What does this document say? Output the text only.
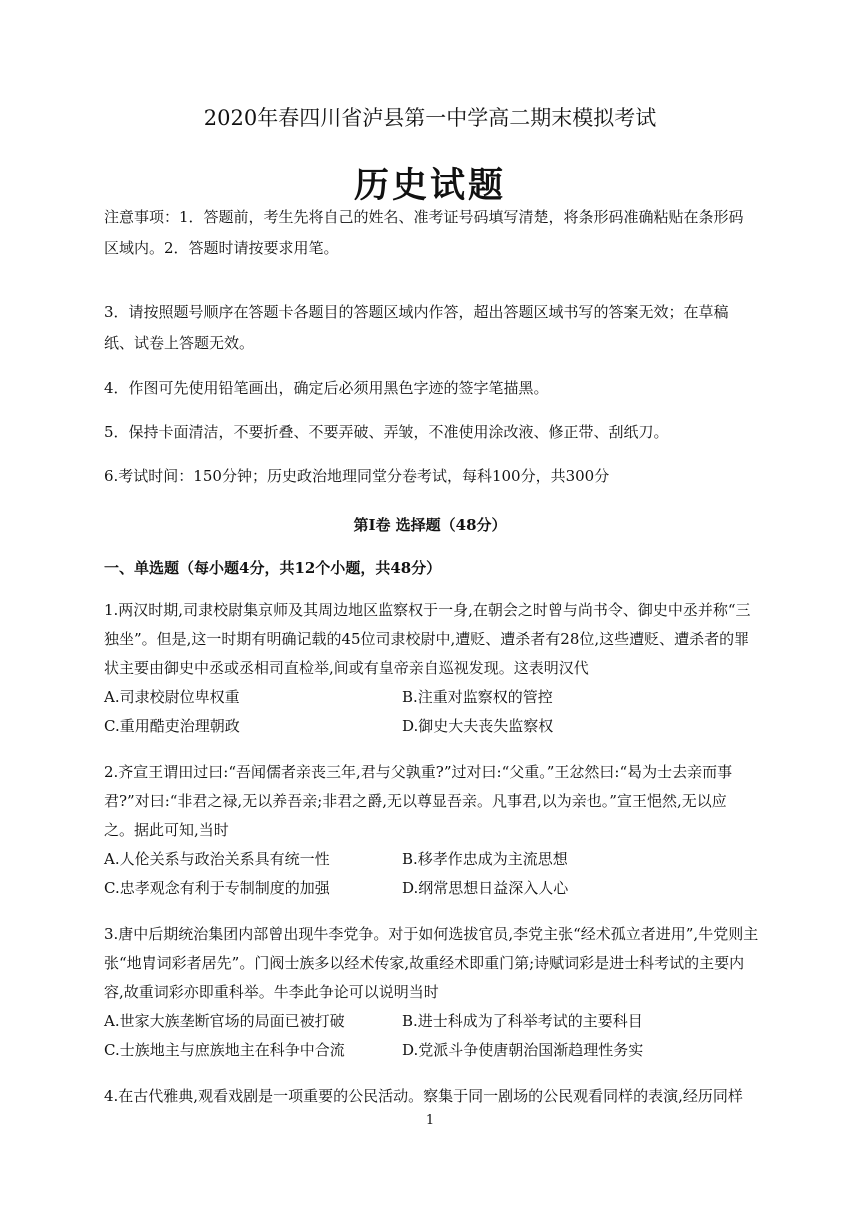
2020年春四川省泸县第一中学高二期末模拟考试
历史试题
注意事项：1．答题前，考生先将自己的姓名、准考证号码填写清楚，将条形码准确粘贴在条形码
区域内。2．答题时请按要求用笔。
3．请按照题号顺序在答题卡各题目的答题区域内作答，超出答题区域书写的答案无效；在草稿
纸、试卷上答题无效。
4．作图可先使用铅笔画出，确定后必须用黑色字迹的签字笔描黑。
5．保持卡面清洁，不要折叠、不要弄破、弄皱，不准使用涂改液、修正带、刮纸刀。
6.考试时间：150分钟；历史政治地理同堂分卷考试，每科100分，共300分
第Ⅰ卷 选择题（48分）
一、单选题（每小题4分，共12个小题，共48分）
1.两汉时期,司隶校尉集京师及其周边地区监察权于一身,在朝会之时曾与尚书令、御史中丞并称“三
独坐”。但是,这一时期有明确记载的45位司隶校尉中,遭贬、遭杀者有28位,这些遭贬、遭杀者的罪
状主要由御史中丞或丞相司直检举,间或有皇帝亲自巡视发现。这表明汉代
A.司隶校尉位卑权重	B.注重对监察权的管控
C.重用酷吏治理朝政	D.御史大夫丧失监察权
2.齐宣王谓田过曰:“吾闻儒者亲丧三年,君与父孰重?”过对曰:“父重。”王忿然曰:“曷为士去亲而事
君?”对曰:“非君之禄,无以养吾亲;非君之爵,无以尊显吾亲。凡事君,以为亲也。”宣王悒然,无以应
之。据此可知,当时
A.人伦关系与政治关系具有统一性	B.移孝作忠成为主流思想
C.忠孝观念有利于专制制度的加强	D.纲常思想日益深入人心
3.唐中后期统治集团内部曾出现牛李党争。对于如何选拔官员,李党主张“经术孤立者进用”,牛党则主
张“地胄词彩者居先”。门阀士族多以经术传家,故重经术即重门第;诗赋词彩是进士科考试的主要内
容,故重词彩亦即重科举。牛李此争论可以说明当时
A.世家大族垄断官场的局面已被打破	B.进士科成为了科举考试的主要科目
C.士族地主与庶族地主在科争中合流	D.党派斗争使唐朝治国渐趋理性务实
4.在古代雅典,观看戏剧是一项重要的公民活动。察集于同一剧场的公民观看同样的表演,经历同样
1
